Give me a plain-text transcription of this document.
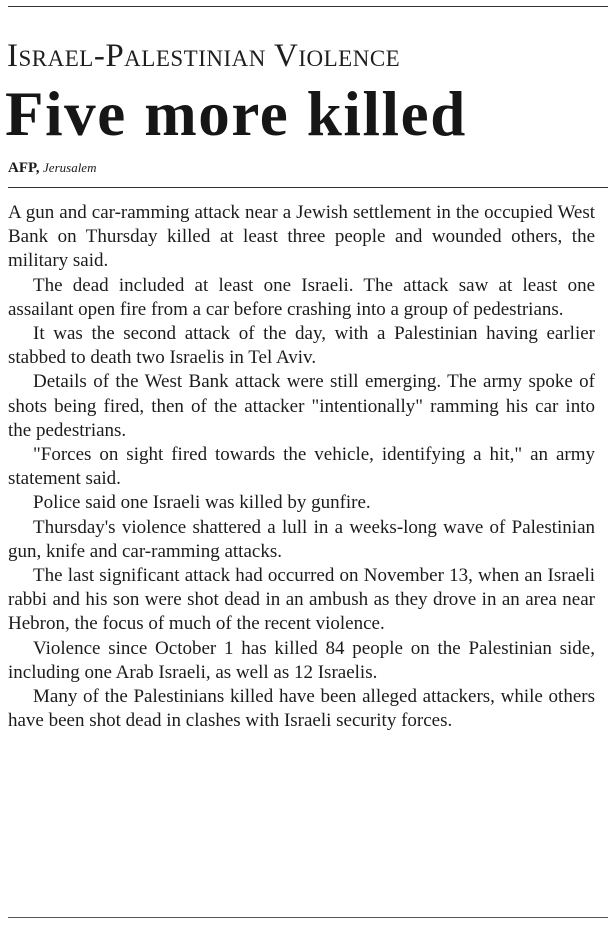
Israel-Palestinian Violence
Five more killed
AFP, Jerusalem

A gun and car-ramming attack near a Jewish settlement in the occupied West Bank on Thursday killed at least three people and wounded others, the military said.

The dead included at least one Israeli. The attack saw at least one assailant open fire from a car before crashing into a group of pedestrians.

It was the second attack of the day, with a Palestinian having earlier stabbed to death two Israelis in Tel Aviv.

Details of the West Bank attack were still emerging. The army spoke of shots being fired, then of the attacker "intentionally" ramming his car into the pedestrians.

"Forces on sight fired towards the vehicle, identifying a hit," an army statement said.

Police said one Israeli was killed by gunfire.

Thursday's violence shattered a lull in a weeks-long wave of Palestinian gun, knife and car-ramming attacks.

The last significant attack had occurred on November 13, when an Israeli rabbi and his son were shot dead in an ambush as they drove in an area near Hebron, the focus of much of the recent violence.

Violence since October 1 has killed 84 people on the Palestinian side, including one Arab Israeli, as well as 12 Israelis.

Many of the Palestinians killed have been alleged attackers, while others have been shot dead in clashes with Israeli security forces.
